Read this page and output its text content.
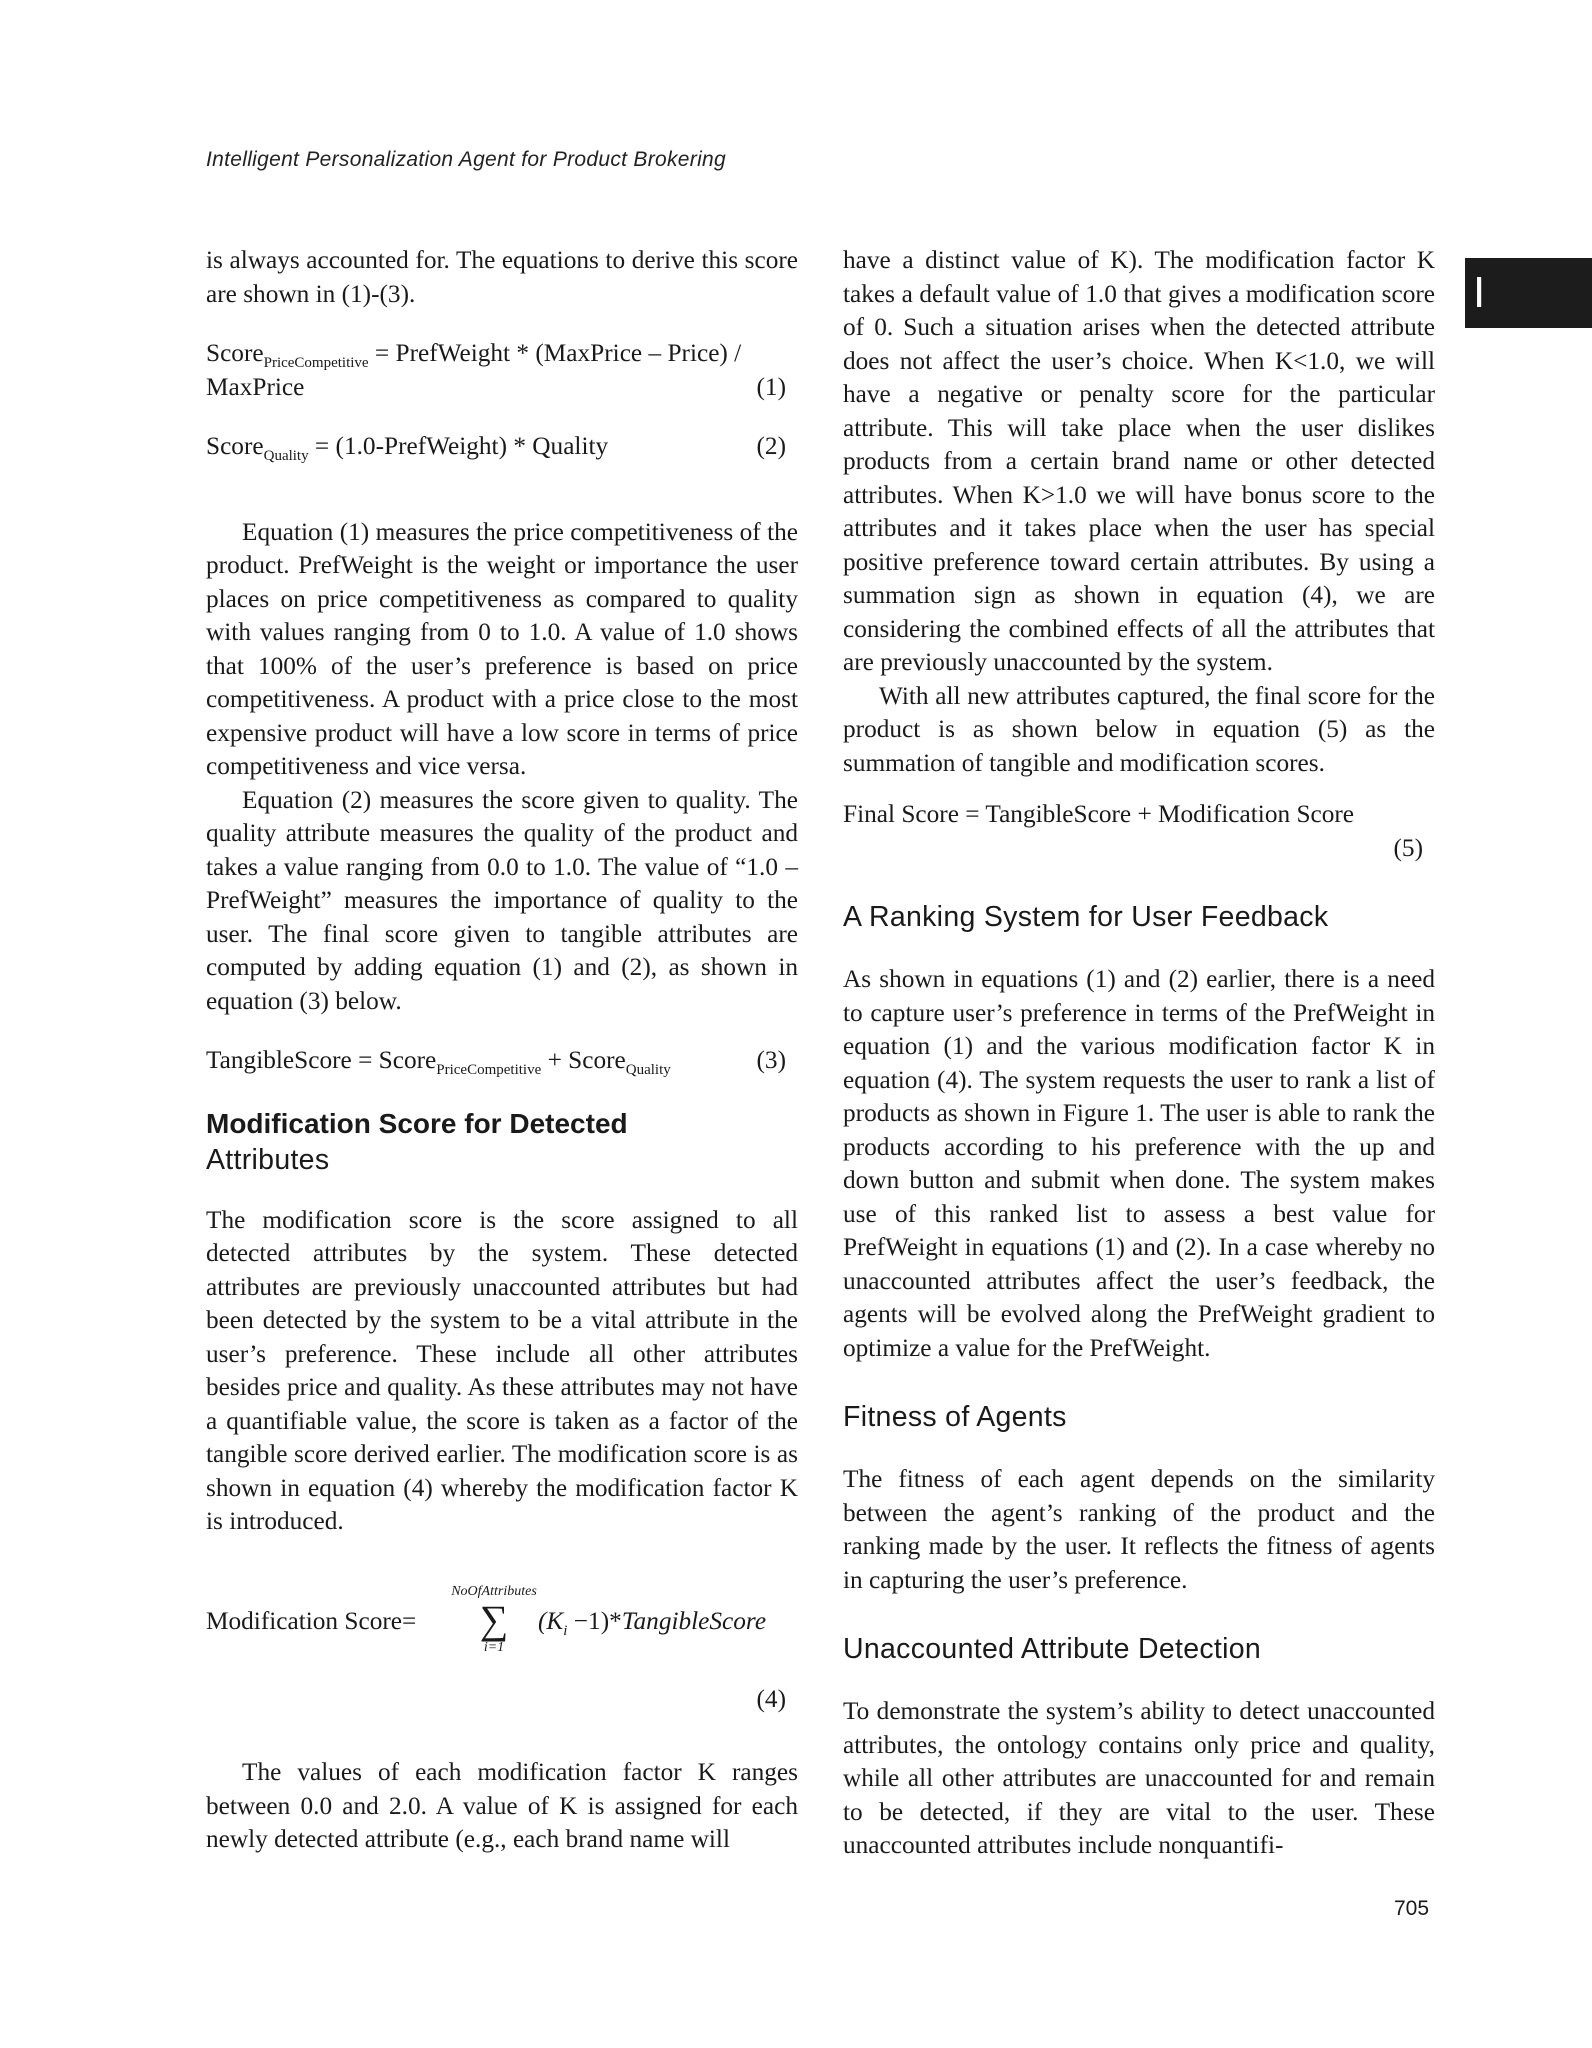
Intelligent Personalization Agent for Product Brokering
I

is always accounted for. The equations to derive this score are shown in (1)-(3).

Score$_{PriceCompetitive}$ = PrefWeight * (MaxPrice – Price) /
MaxPrice	(1)
Score$_{Quality}$ = (1.0-PrefWeight) * Quality	(2)

Equation (1) measures the price competitiveness of the product. PrefWeight is the weight or importance the user places on price competitiveness as compared to quality with values ranging from 0 to 1.0. A value of 1.0 shows that 100% of the user’s preference is based on price competitiveness. A product with a price close to the most expensive product will have a low score in terms of price competitiveness and vice versa.

Equation (2) measures the score given to quality. The quality attribute measures the quality of the product and takes a value ranging from 0.0 to 1.0. The value of “1.0 – PrefWeight” measures the importance of quality to the user. The final score given to tangible attributes are computed by adding equation (1) and (2), as shown in equation (3) below.

TangibleScore = Score$_{PriceCompetitive}$ + Score$_{Quality}$	(3)
Modification Score for Detected
Attributes

The modification score is the score assigned to all detected attributes by the system. These detected attributes are previously unaccounted attributes but had been detected by the system to be a vital attribute in the user’s preference. These include all other attributes besides price and quality. As these attributes may not have a quantifiable value, the score is taken as a factor of the tangible score derived earlier. The modification score is as shown in equation (4) whereby the modification factor K is introduced.

Modification Score=
NoOfAttributes
∑
i=1
($K_i$ −1)*TangibleScore
(4)

The values of each modification factor K ranges between 0.0 and 2.0. A value of K is assigned for each newly detected attribute (e.g., each brand name will

have a distinct value of K). The modification factor K takes a default value of 1.0 that gives a modification score of 0. Such a situation arises when the detected attribute does not affect the user’s choice. When K<1.0, we will have a negative or penalty score for the particular attribute. This will take place when the user dislikes products from a certain brand name or other detected attributes. When K>1.0 we will have bonus score to the attributes and it takes place when the user has special positive preference toward certain attributes. By using a summation sign as shown in equation (4), we are considering the combined effects of all the attributes that are previously unaccounted by the system.

With all new attributes captured, the final score for the product is as shown below in equation (5) as the summation of tangible and modification scores.

Final Score = TangibleScore + Modification Score
(5)
A Ranking System for User Feedback

As shown in equations (1) and (2) earlier, there is a need to capture user’s preference in terms of the PrefWeight in equation (1) and the various modification factor K in equation (4). The system requests the user to rank a list of products as shown in Figure 1. The user is able to rank the products according to his preference with the up and down button and submit when done. The system makes use of this ranked list to assess a best value for PrefWeight in equations (1) and (2). In a case whereby no unaccounted attributes affect the user’s feedback, the agents will be evolved along the PrefWeight gradient to optimize a value for the PrefWeight.

Fitness of Agents

The fitness of each agent depends on the similarity between the agent’s ranking of the product and the ranking made by the user. It reflects the fitness of agents in capturing the user’s preference.

Unaccounted Attribute Detection

To demonstrate the system’s ability to detect unaccounted attributes, the ontology contains only price and quality, while all other attributes are unaccounted for and remain to be detected, if they are vital to the user. These unaccounted attributes include nonquantifi-

705
